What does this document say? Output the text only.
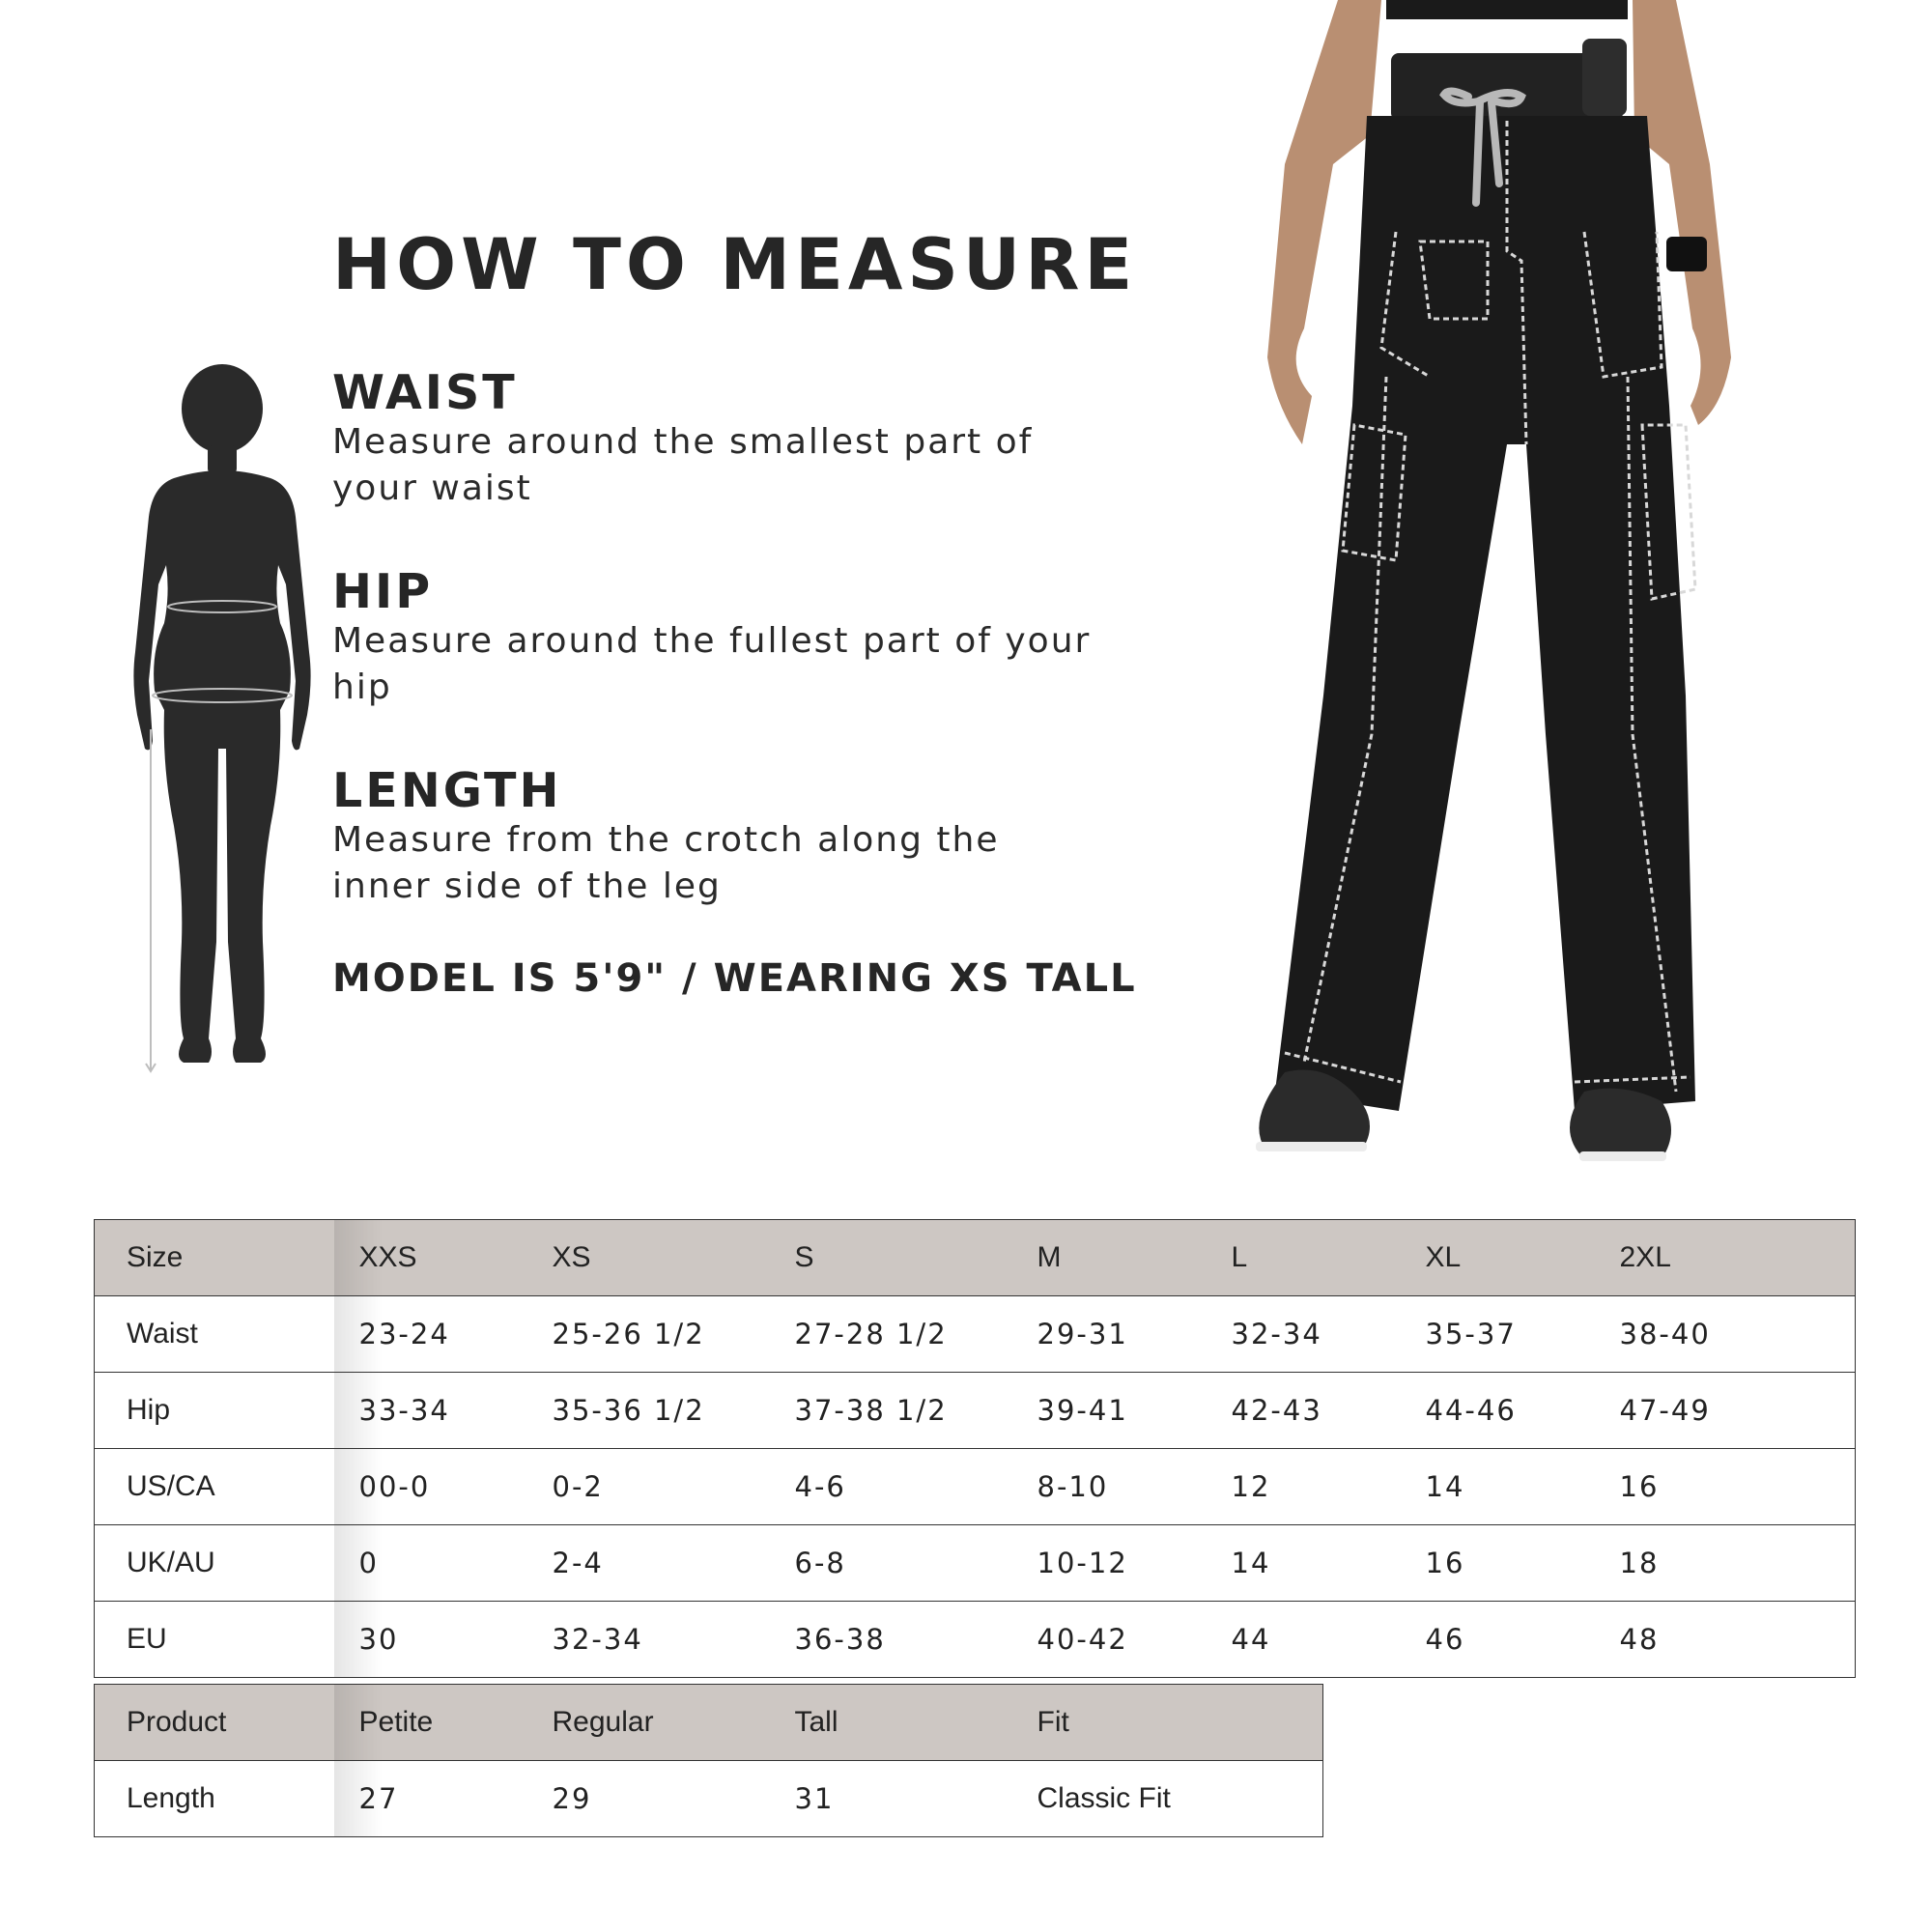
HOW TO MEASURE
WAIST
Measure around the smallest part of your waist
HIP
Measure around the fullest part of your hip
LENGTH
Measure from the crotch along the inner side of the leg
MODEL IS 5'9" / WEARING XS TALL
Size	XXS	XS	S	M	L	XL	2XL
Waist	23-24	25-26 1/2	27-28 1/2	29-31	32-34	35-37	38-40
Hip	33-34	35-36 1/2	37-38 1/2	39-41	42-43	44-46	47-49
US/CA	00-0	0-2	4-6	8-10	12	14	16
UK/AU	0	2-4	6-8	10-12	14	16	18
EU	30	32-34	36-38	40-42	44	46	48
Product	Petite	Regular	Tall	Fit
Length	27	29	31	Classic Fit
